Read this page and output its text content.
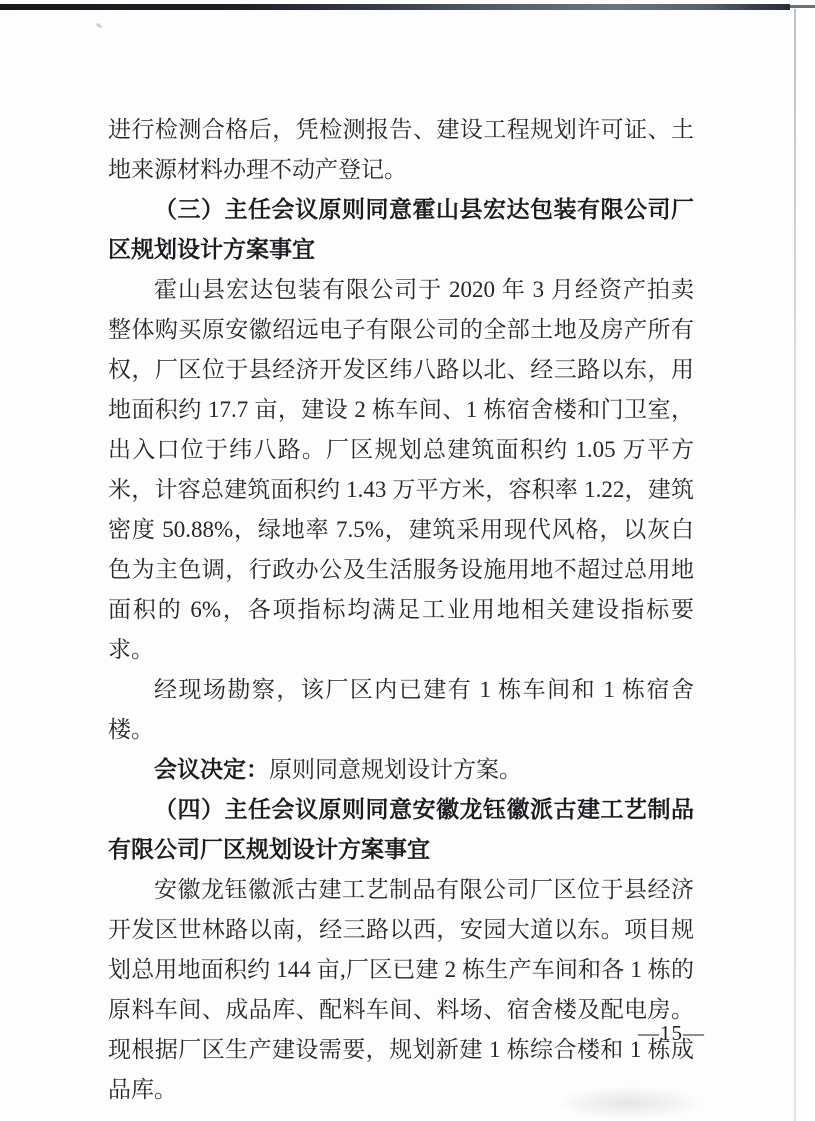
进行检测合格后，凭检测报告、建设工程规划许可证、土地来源材料办理不动产登记。

（三）主任会议原则同意霍山县宏达包装有限公司厂区规划设计方案事宜

霍山县宏达包装有限公司于 2020 年 3 月经资产拍卖整体购买原安徽绍远电子有限公司的全部土地及房产所有权，厂区位于县经济开发区纬八路以北、经三路以东，用地面积约 17.7 亩，建设 2 栋车间、1 栋宿舍楼和门卫室，出入口位于纬八路。厂区规划总建筑面积约 1.05 万平方米，计容总建筑面积约 1.43 万平方米，容积率 1.22，建筑密度 50.88%，绿地率 7.5%，建筑采用现代风格，以灰白色为主色调，行政办公及生活服务设施用地不超过总用地面积的 6%，各项指标均满足工业用地相关建设指标要求。

经现场勘察，该厂区内已建有 1 栋车间和 1 栋宿舍楼。

会议决定：原则同意规划设计方案。

（四）主任会议原则同意安徽龙钰徽派古建工艺制品有限公司厂区规划设计方案事宜

安徽龙钰徽派古建工艺制品有限公司厂区位于县经济开发区世林路以南，经三路以西，安园大道以东。项目规划总用地面积约 144 亩,厂区已建 2 栋生产车间和各 1 栋的原料车间、成品库、配料车间、料场、宿舍楼及配电房。现根据厂区生产建设需要，规划新建 1 栋综合楼和 1 栋成品库。

—15—
